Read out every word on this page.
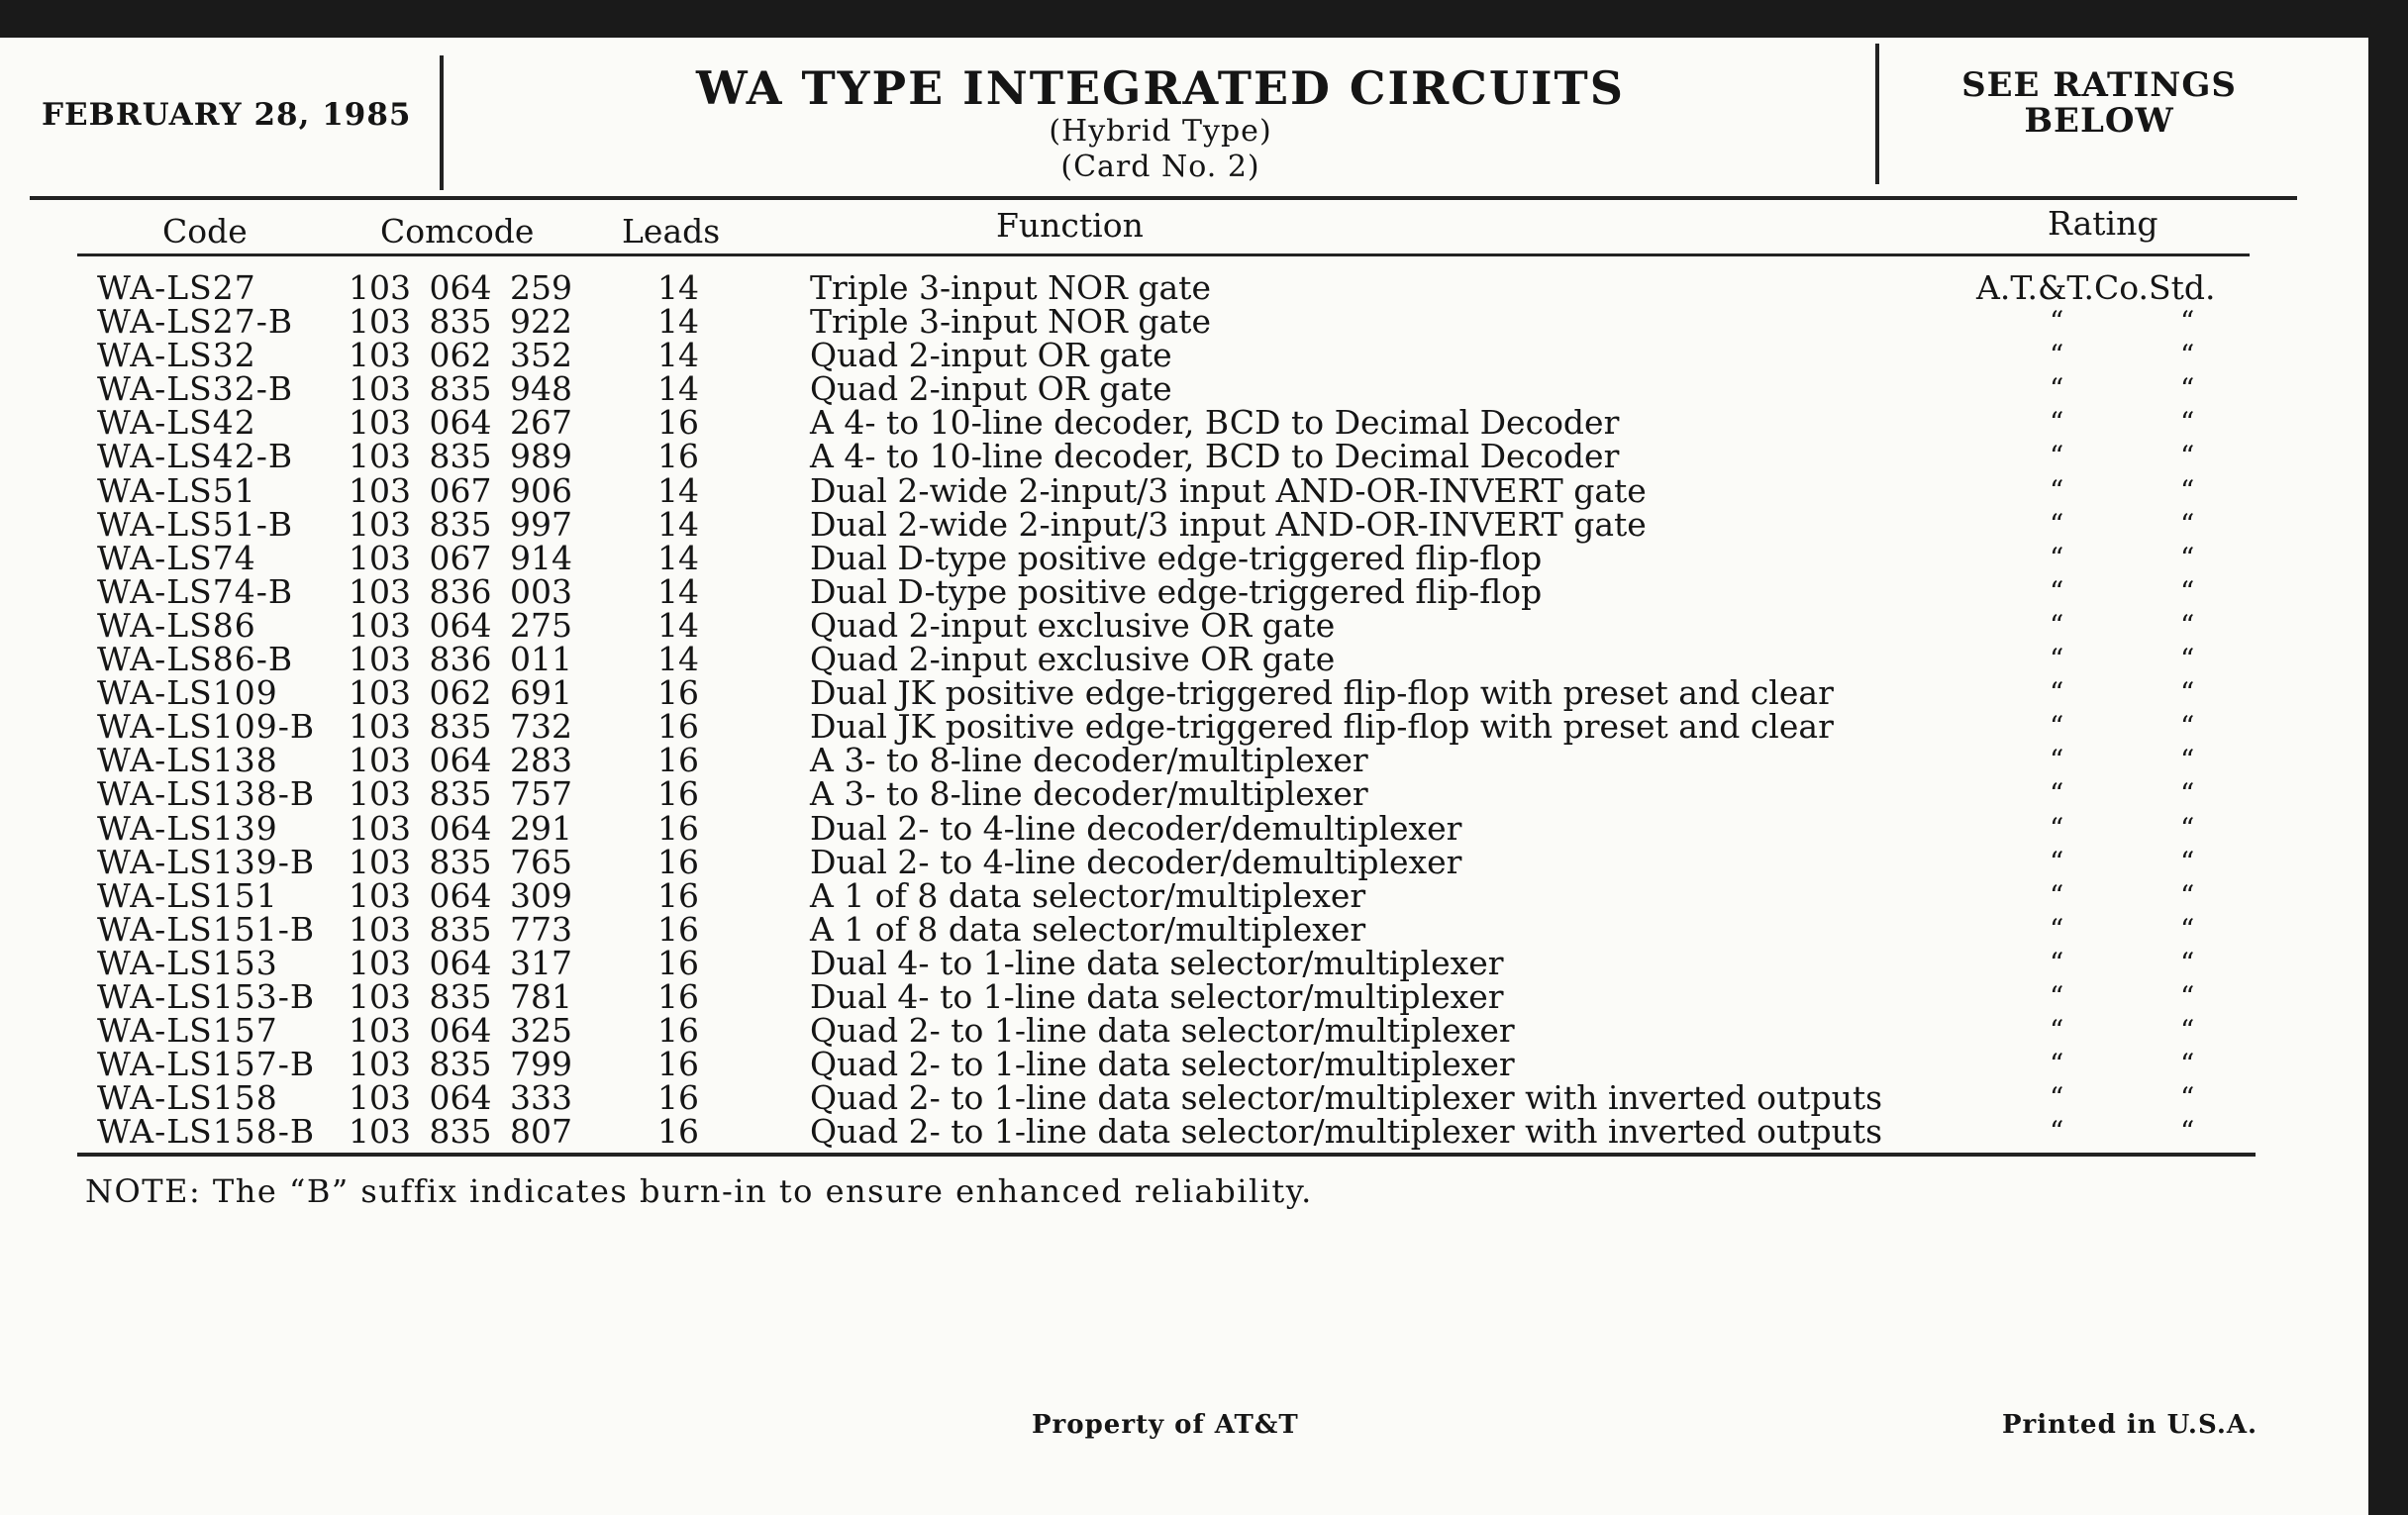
FEBRUARY 28, 1985	WA TYPE INTEGRATED CIRCUITS
(Hybrid Type)
(Card No. 2)
SEE RATINGS
BELOW
Code	Comcode	Leads	Function	Rating
WA-LS27	103 064 259	14	Triple 3-input NOR gate	A.T.&T.Co.Std.
WA-LS27-B 103 835 922	14	Triple 3-input NOR gate	“	“
WA-LS32	103 062 352	14	Quad 2-input OR gate	“	“
WA-LS32-B 103 835 948	14	Quad 2-input OR gate	“	“
WA-LS42	103 064 267	16	A 4- to 10-line decoder, BCD to Decimal Decoder	“	“
WA-LS42-B 103 835 989	16	A 4- to 10-line decoder, BCD to Decimal Decoder	“	“
WA-LS51	103 067 906	14	Dual 2-wide 2-input/3 input AND-OR-INVERT gate	“	“
WA-LS51-B 103 835 997	14	Dual 2-wide 2-input/3 input AND-OR-INVERT gate	“	“
WA-LS74	103 067 914	14	Dual D-type positive edge-triggered flip-flop	“	“
WA-LS74-B 103 836 003	14	Dual D-type positive edge-triggered flip-flop	“	“
WA-LS86	103 064 275	14	Quad 2-input exclusive OR gate	“	“
WA-LS86-B 103 836 011	14	Quad 2-input exclusive OR gate	“	“
WA-LS109 103 062 691	16	Dual JK positive edge-triggered flip-flop with preset and clear	“	“
WA-LS109-B 103 835 732	16	Dual JK positive edge-triggered flip-flop with preset and clear	“	“
WA-LS138 103 064 283	16	A 3- to 8-line decoder/multiplexer	“	“
WA-LS138-B 103 835 757	16	A 3- to 8-line decoder/multiplexer	“	“
WA-LS139 103 064 291	16	Dual 2- to 4-line decoder/demultiplexer	“	“
WA-LS139-B 103 835 765	16	Dual 2- to 4-line decoder/demultiplexer	“	“
WA-LS151 103 064 309	16	A 1 of 8 data selector/multiplexer	“	“
WA-LS151-B 103 835 773	16	A 1 of 8 data selector/multiplexer	“	“
WA-LS153 103 064 317	16	Dual 4- to 1-line data selector/multiplexer	“	“
WA-LS153-B 103 835 781	16	Dual 4- to 1-line data selector/multiplexer	“	“
WA-LS157 103 064 325	16	Quad 2- to 1-line data selector/multiplexer	“	“
WA-LS157-B 103 835 799	16	Quad 2- to 1-line data selector/multiplexer	“	“
WA-LS158 103 064 333	16	Quad 2- to 1-line data selector/multiplexer with inverted outputs	“	“
WA-LS158-B 103 835 807	16	Quad 2- to 1-line data selector/multiplexer with inverted outputs	“	“
NOTE: The “B” suffix indicates burn-in to ensure enhanced reliability.
Property of AT&T	Printed in U.S.A.
